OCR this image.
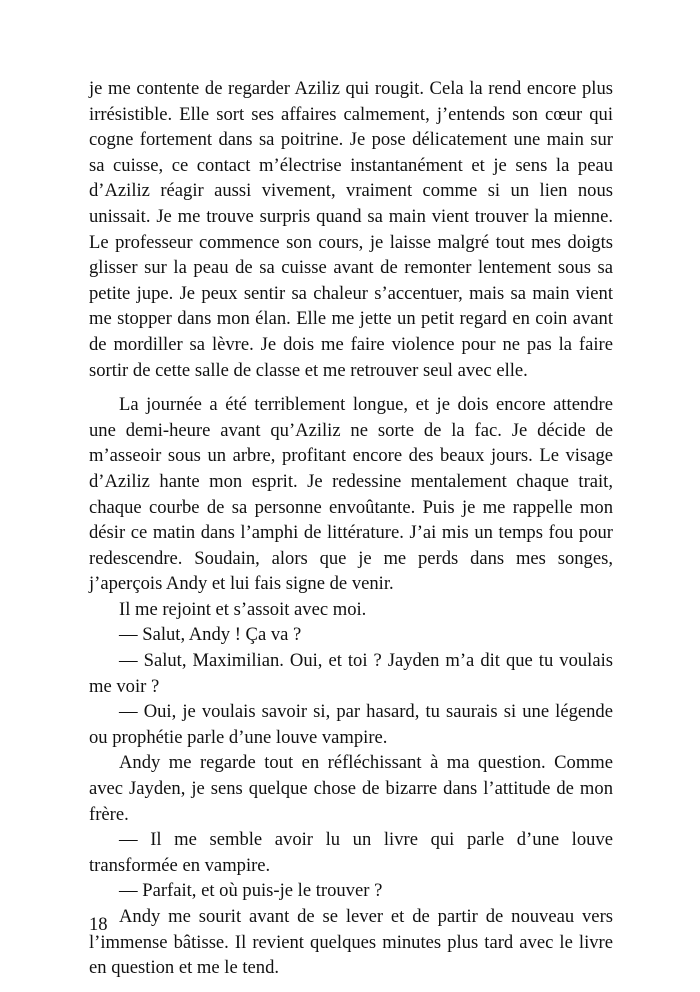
je me contente de regarder Aziliz qui rougit. Cela la rend encore plus irrésistible. Elle sort ses affaires calmement, j’entends son cœur qui cogne fortement dans sa poitrine. Je pose délicatement une main sur sa cuisse, ce contact m’électrise instantanément et je sens la peau d’Aziliz réagir aussi vivement, vraiment comme si un lien nous unissait. Je me trouve surpris quand sa main vient trouver la mienne. Le professeur commence son cours, je laisse malgré tout mes doigts glisser sur la peau de sa cuisse avant de remonter lentement sous sa petite jupe. Je peux sentir sa chaleur s’accentuer, mais sa main vient me stopper dans mon élan. Elle me jette un petit regard en coin avant de mordiller sa lèvre. Je dois me faire violence pour ne pas la faire sortir de cette salle de classe et me retrouver seul avec elle.

La journée a été terriblement longue, et je dois encore attendre une demi-heure avant qu’Aziliz ne sorte de la fac. Je décide de m’asseoir sous un arbre, profitant encore des beaux jours. Le visage d’Aziliz hante mon esprit. Je redessine mentalement chaque trait, chaque courbe de sa personne envoûtante. Puis je me rappelle mon désir ce matin dans l’amphi de littérature. J’ai mis un temps fou pour redescendre. Soudain, alors que je me perds dans mes songes, j’aperçois Andy et lui fais signe de venir.

Il me rejoint et s’assoit avec moi.

— Salut, Andy ! Ça va ?

— Salut, Maximilian. Oui, et toi ? Jayden m’a dit que tu voulais me voir ?

— Oui, je voulais savoir si, par hasard, tu saurais si une légende ou prophétie parle d’une louve vampire.

Andy me regarde tout en réfléchissant à ma question. Comme avec Jayden, je sens quelque chose de bizarre dans l’attitude de mon frère.

— Il me semble avoir lu un livre qui parle d’une louve transformée en vampire.

— Parfait, et où puis-je le trouver ?

Andy me sourit avant de se lever et de partir de nouveau vers l’immense bâtisse. Il revient quelques minutes plus tard avec le livre en question et me le tend.

18
